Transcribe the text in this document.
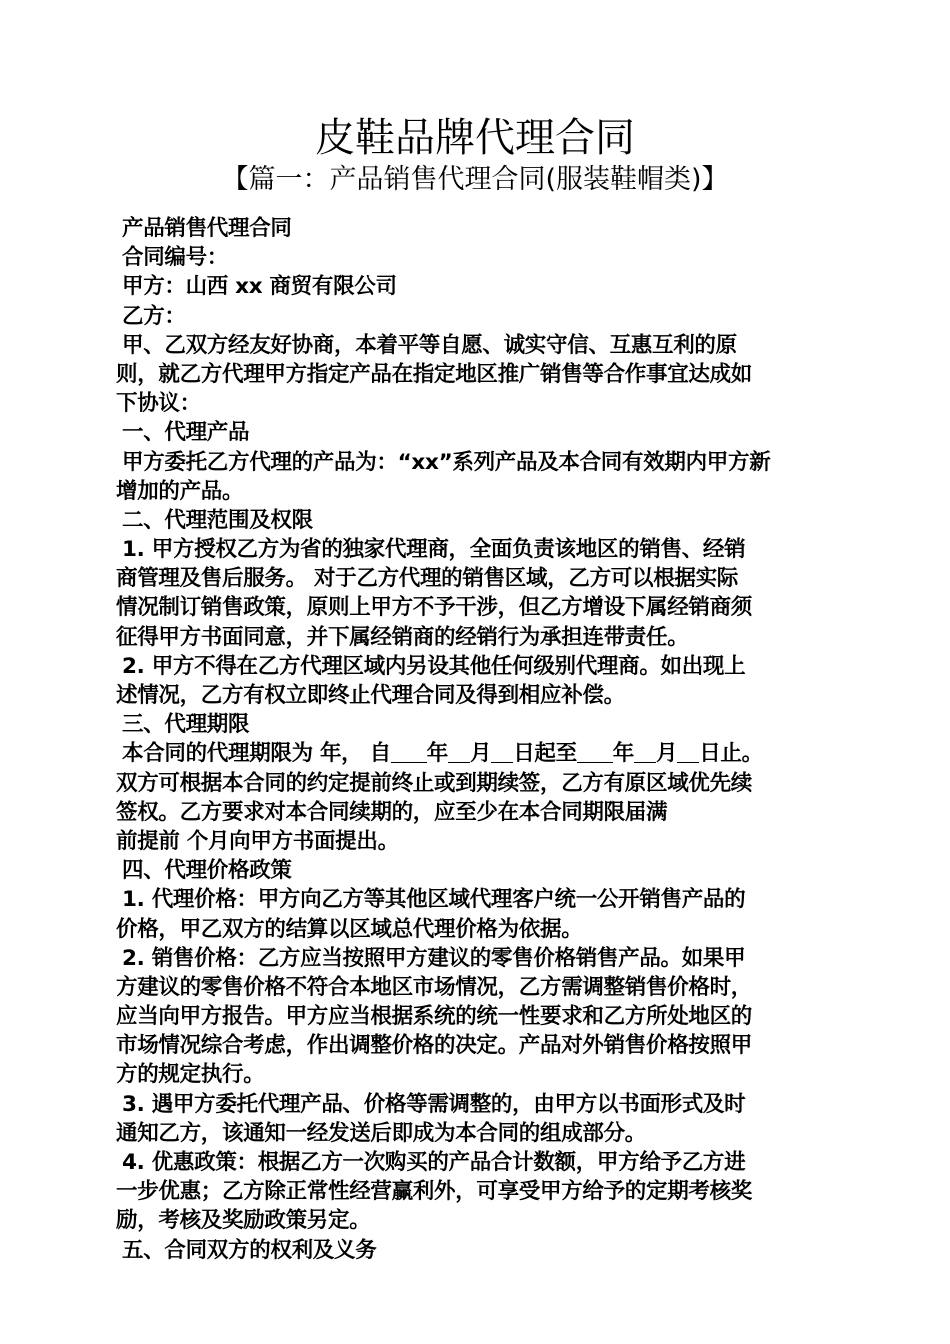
皮鞋品牌代理合同
【篇一：产品销售代理合同(服装鞋帽类)】
产品销售代理合同
合同编号：
甲方：山西 xx 商贸有限公司
乙方：
甲、乙双方经友好协商，本着平等自愿、诚实守信、互惠互利的原
则，就乙方代理甲方指定产品在指定地区推广销售等合作事宜达成如
下协议：
一、代理产品
甲方委托乙方代理的产品为：“xx”系列产品及本合同有效期内甲方新
增加的产品。
二、代理范围及权限
1. 甲方授权乙方为省的独家代理商，全面负责该地区的销售、经销
商管理及售后服务。 对于乙方代理的销售区域，乙方可以根据实际
情况制订销售政策，原则上甲方不予干涉，但乙方增设下属经销商须
征得甲方书面同意，并下属经销商的经销行为承担连带责任。
2. 甲方不得在乙方代理区域内另设其他任何级别代理商。如出现上
述情况，乙方有权立即终止代理合同及得到相应补偿。
三、代理期限
本合同的代理期限为 年， 自 年 月 日起至 年 月 日止。
双方可根据本合同的约定提前终止或到期续签，乙方有原区域优先续
签权。乙方要求对本合同续期的，应至少在本合同期限届满
前提前 个月向甲方书面提出。
四、代理价格政策
1. 代理价格：甲方向乙方等其他区域代理客户统一公开销售产品的
价格，甲乙双方的结算以区域总代理价格为依据。
2. 销售价格：乙方应当按照甲方建议的零售价格销售产品。如果甲
方建议的零售价格不符合本地区市场情况，乙方需调整销售价格时，
应当向甲方报告。甲方应当根据系统的统一性要求和乙方所处地区的
市场情况综合考虑，作出调整价格的决定。产品对外销售价格按照甲
方的规定执行。
3. 遇甲方委托代理产品、价格等需调整的，由甲方以书面形式及时
通知乙方，该通知一经发送后即成为本合同的组成部分。
4. 优惠政策：根据乙方一次购买的产品合计数额，甲方给予乙方进
一步优惠；乙方除正常性经营赢利外，可享受甲方给予的定期考核奖
励，考核及奖励政策另定。
五、合同双方的权利及义务
